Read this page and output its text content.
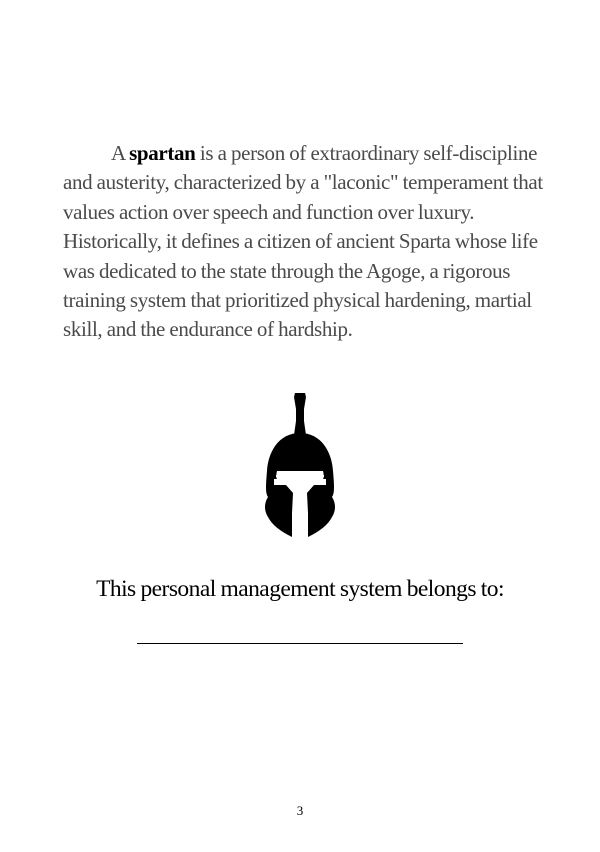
A spartan is a person of extraordinary self-discipline and austerity, characterized by a "laconic" temperament that values action over speech and function over luxury. Historically, it defines a citizen of ancient Sparta whose life was dedicated to the state through the Agoge, a rigorous training system that prioritized physical hardening, martial skill, and the endurance of hardship.

This personal management system belongs to:

3
